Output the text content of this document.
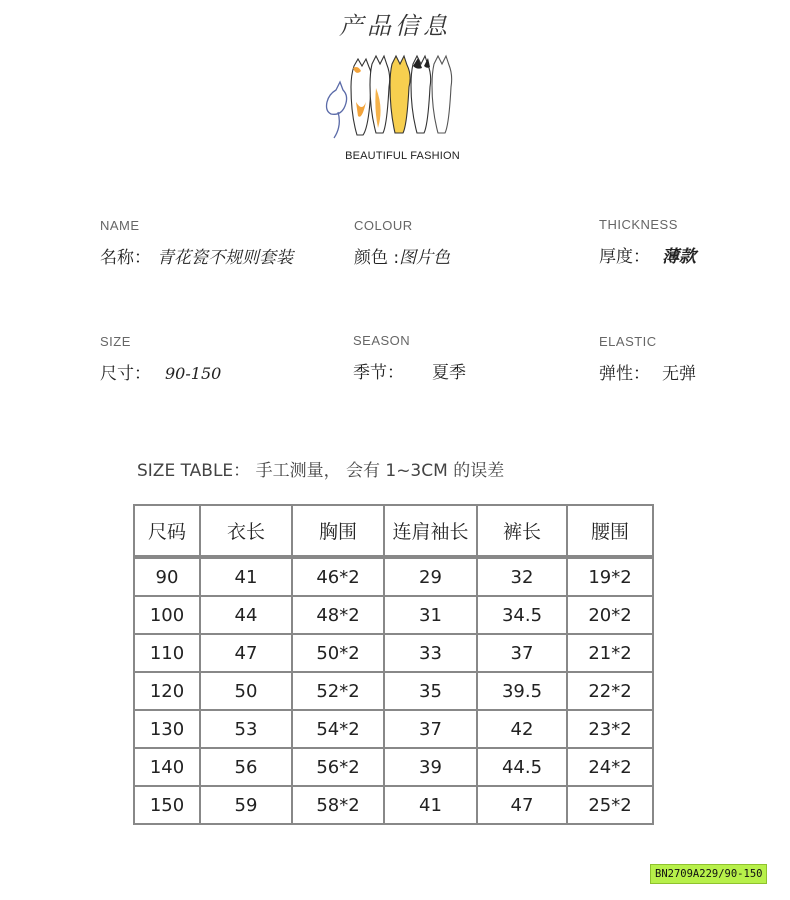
产品信息
BEAUTIFUL FASHION
NAME
名称： 青花瓷不规则套装
COLOUR
颜色 :图片色
THICKNESS
厚度： 薄款
SIZE
尺寸： 90-150
SEASON
季节： 夏季
ELASTIC
弹性： 无弹
SIZE TABLE： 手工测量， 会有 1~3CM 的误差
尺码	衣长	胸围	连肩袖长	裤长	腰围
90	41	46*2	29	32	19*2
100	44	48*2	31	34.5	20*2
110	47	50*2	33	37	21*2
120	50	52*2	35	39.5	22*2
130	53	54*2	37	42	23*2
140	56	56*2	39	44.5	24*2
150	59	58*2	41	47	25*2
BN2709A229/90-150
